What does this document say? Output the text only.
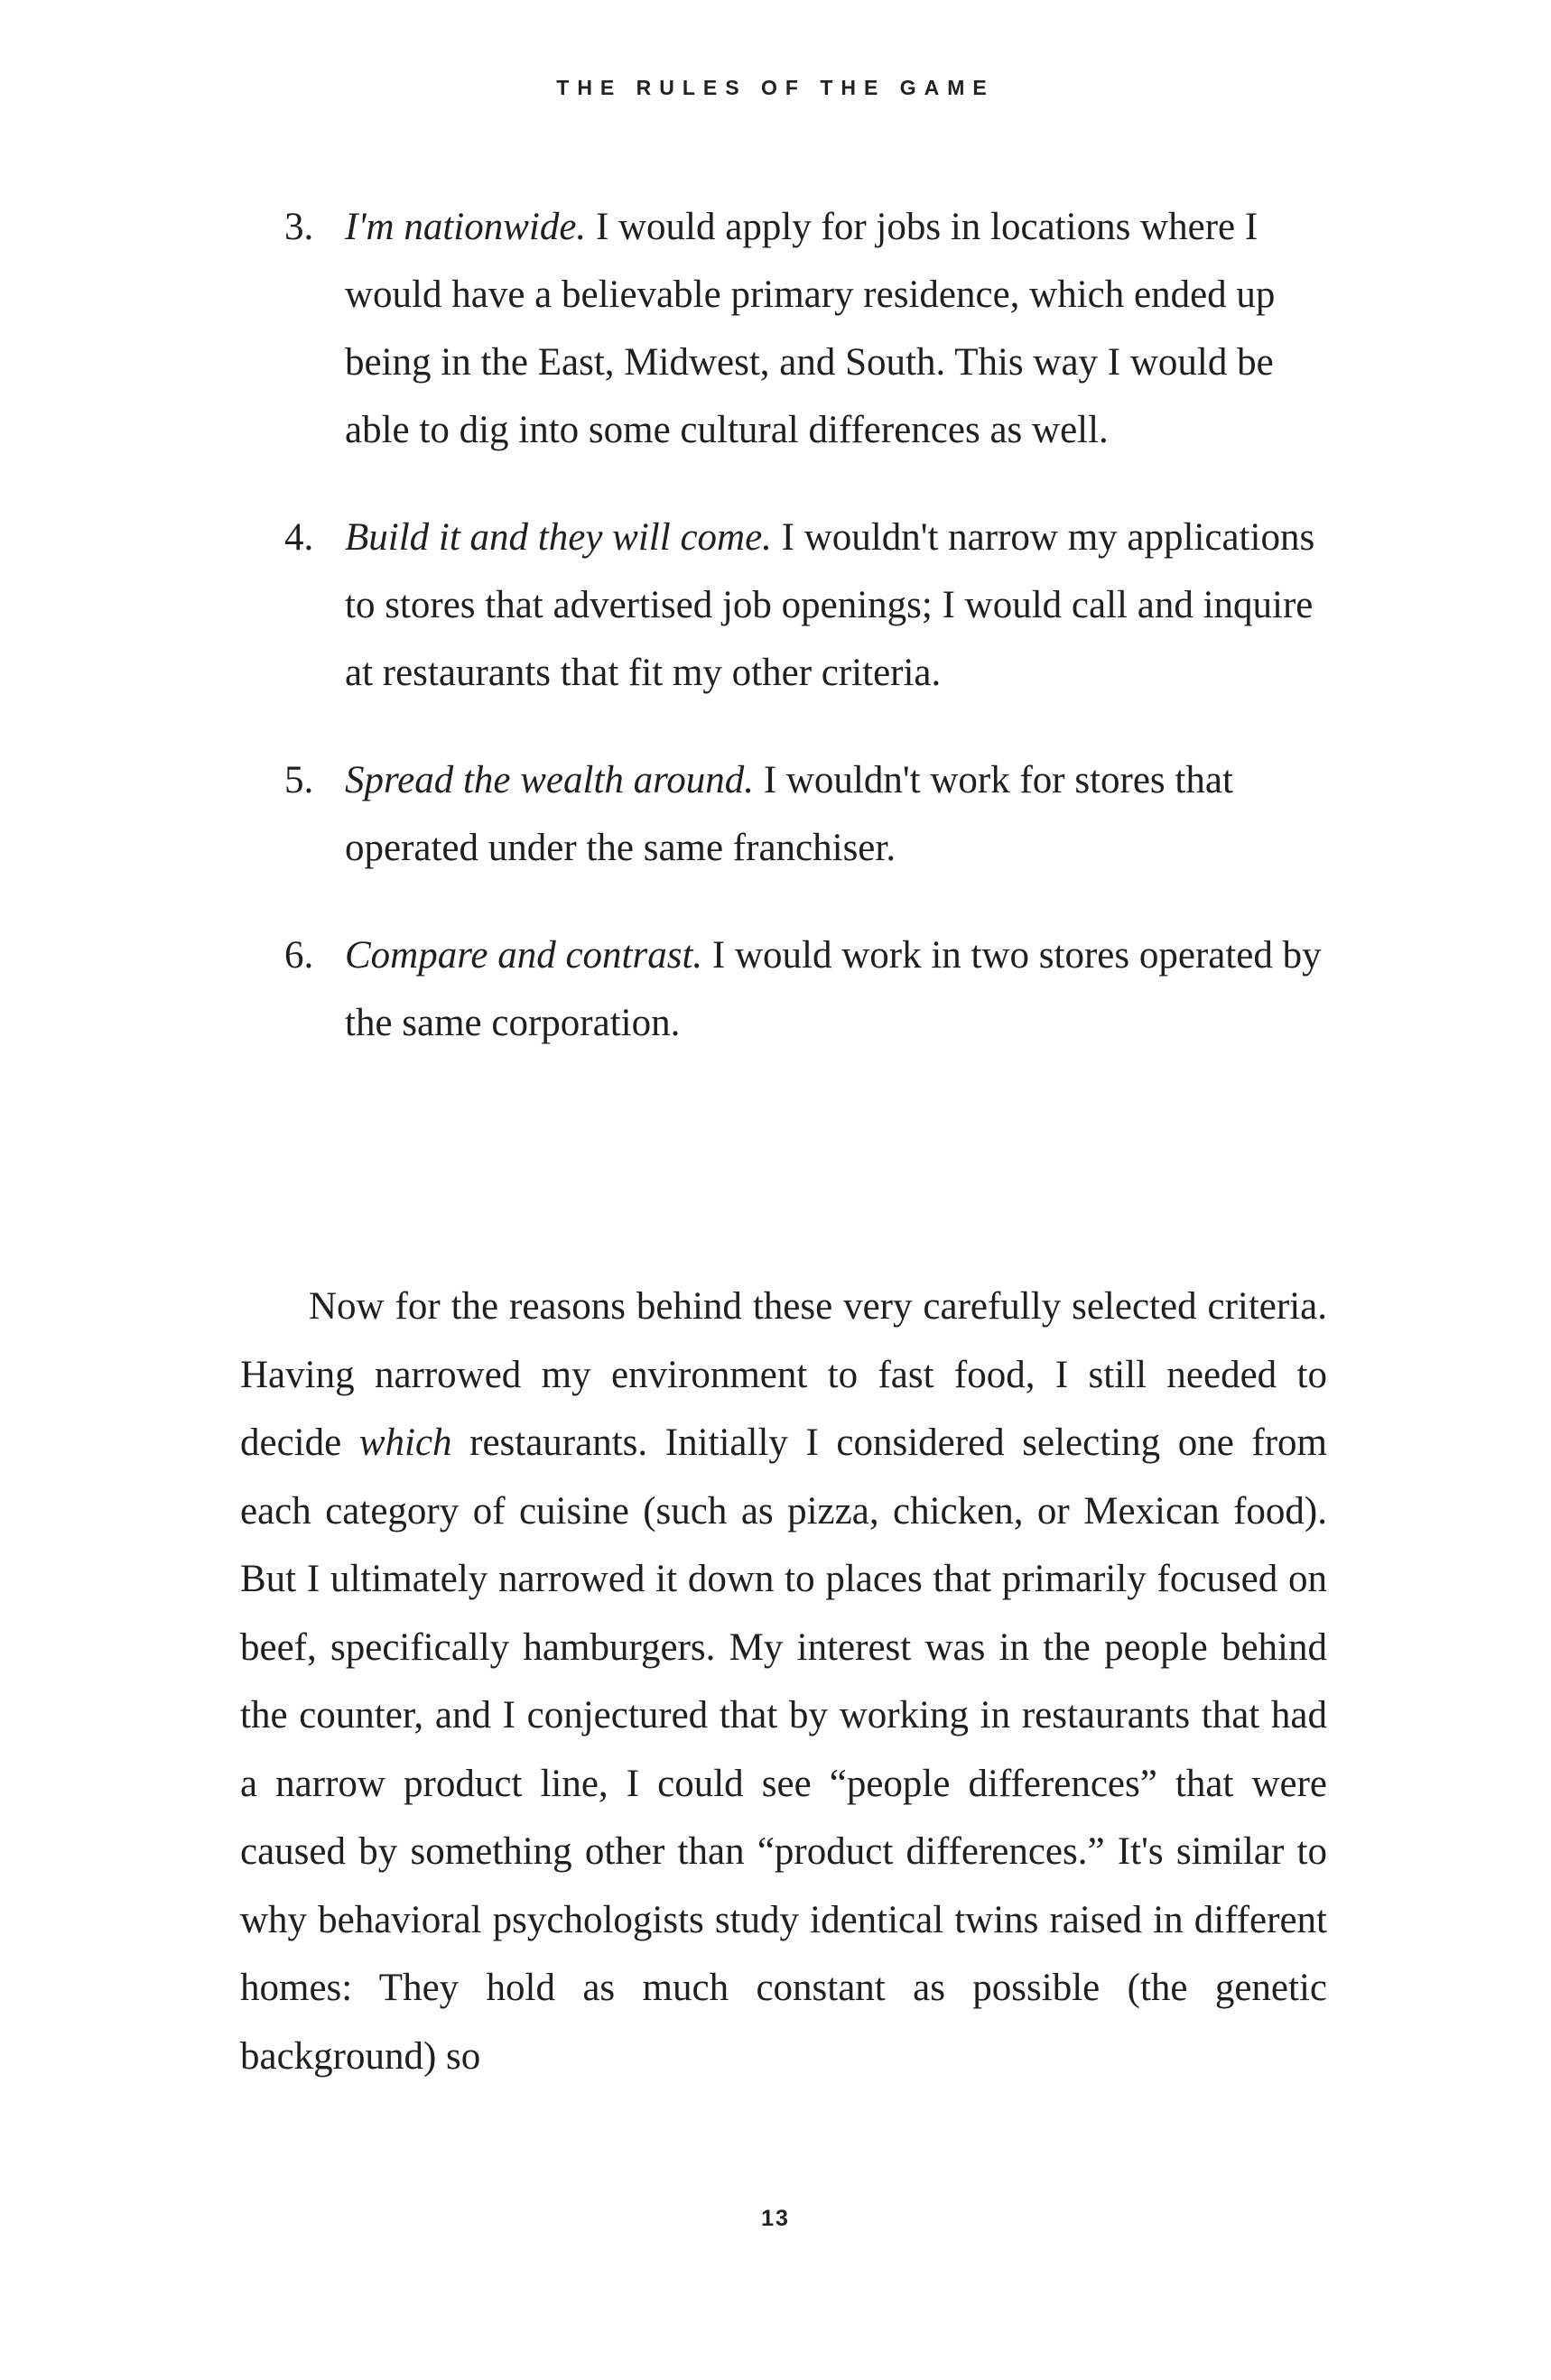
THE RULES OF THE GAME
3. I'm nationwide. I would apply for jobs in locations where I would have a believable primary residence, which ended up being in the East, Midwest, and South. This way I would be able to dig into some cultural differences as well.
4. Build it and they will come. I wouldn't narrow my applications to stores that advertised job openings; I would call and inquire at restaurants that fit my other criteria.
5. Spread the wealth around. I wouldn't work for stores that operated under the same franchiser.
6. Compare and contrast. I would work in two stores operated by the same corporation.

Now for the reasons behind these very carefully selected criteria. Having narrowed my environment to fast food, I still needed to decide which restaurants. Initially I considered selecting one from each category of cuisine (such as pizza, chicken, or Mexican food). But I ultimately narrowed it down to places that primarily focused on beef, specifically hamburgers. My interest was in the people behind the counter, and I conjectured that by working in restaurants that had a narrow product line, I could see “people differences” that were caused by something other than “product differences.” It's similar to why behavioral psychologists study identical twins raised in different homes: They hold as much constant as possible (the genetic background) so

13
